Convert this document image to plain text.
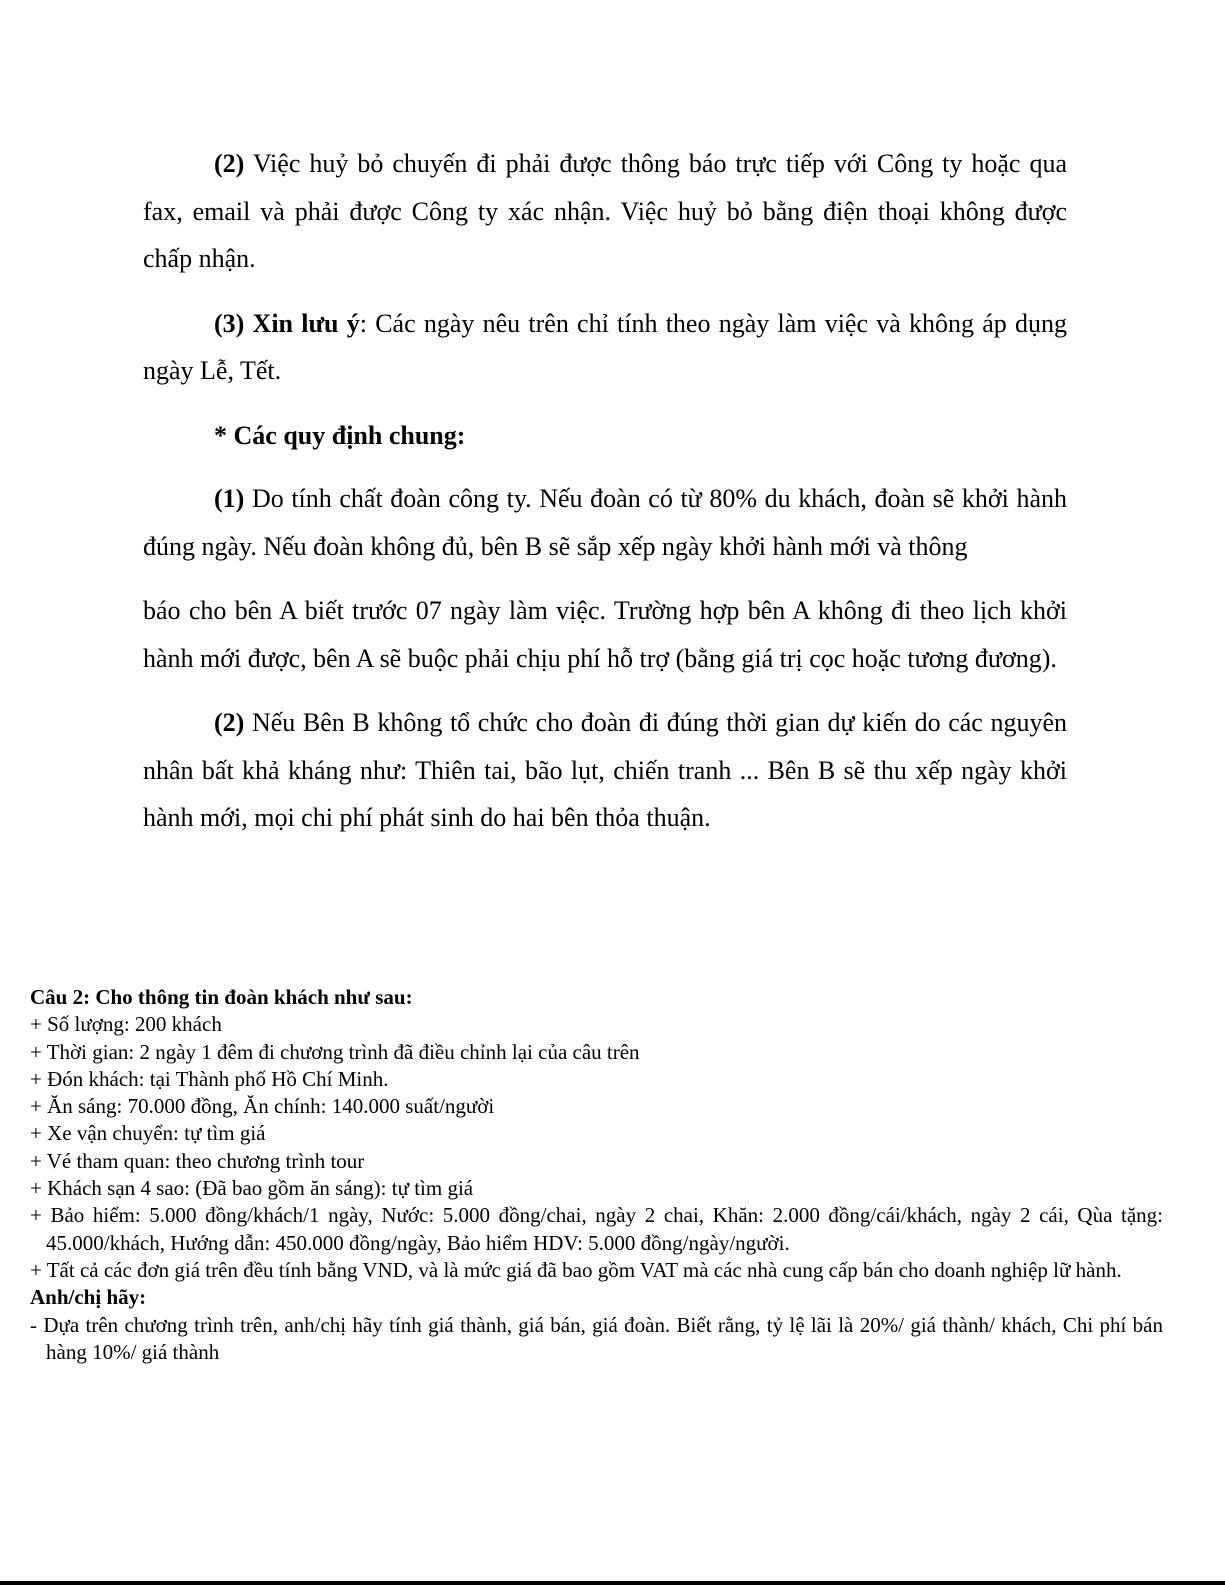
(2) Việc huỷ bỏ chuyến đi phải được thông báo trực tiếp với Công ty hoặc qua fax, email và phải được Công ty xác nhận. Việc huỷ bỏ bằng điện thoại không được chấp nhận.

(3) Xin lưu ý: Các ngày nêu trên chỉ tính theo ngày làm việc và không áp dụng ngày Lễ, Tết.

* Các quy định chung:

(1) Do tính chất đoàn công ty. Nếu đoàn có từ 80% du khách, đoàn sẽ khởi hành đúng ngày. Nếu đoàn không đủ, bên B sẽ sắp xếp ngày khởi hành mới và thông

báo cho bên A biết trước 07 ngày làm việc. Trường hợp bên A không đi theo lịch khởi hành mới được, bên A sẽ buộc phải chịu phí hỗ trợ (bằng giá trị cọc hoặc tương đương).

(2) Nếu Bên B không tổ chức cho đoàn đi đúng thời gian dự kiến do các nguyên nhân bất khả kháng như: Thiên tai, bão lụt, chiến tranh ... Bên B sẽ thu xếp ngày khởi hành mới, mọi chi phí phát sinh do hai bên thỏa thuận.

Câu 2: Cho thông tin đoàn khách như sau:
+ Số lượng: 200 khách
+ Thời gian: 2 ngày 1 đêm đi chương trình đã điều chỉnh lại của câu trên
+ Đón khách: tại Thành phố Hồ Chí Minh.
+ Ăn sáng: 70.000 đồng, Ăn chính: 140.000 suất/người
+ Xe vận chuyển: tự tìm giá
+ Vé tham quan: theo chương trình tour
+ Khách sạn 4 sao: (Đã bao gồm ăn sáng): tự tìm giá
+ Bảo hiểm: 5.000 đồng/khách/1 ngày, Nước: 5.000 đồng/chai, ngày 2 chai, Khăn: 2.000 đồng/cái/khách, ngày 2 cái, Qùa tặng: 45.000/khách, Hướng dẫn: 450.000 đồng/ngày, Bảo hiểm HDV: 5.000 đồng/ngày/người.
+ Tất cả các đơn giá trên đều tính bằng VND, và là mức giá đã bao gồm VAT mà các nhà cung cấp bán cho doanh nghiệp lữ hành.
Anh/chị hãy:
- Dựa trên chương trình trên, anh/chị hãy tính giá thành, giá bán, giá đoàn. Biết rằng, tỷ lệ lãi là 20%/ giá thành/ khách, Chi phí bán hàng 10%/ giá thành
